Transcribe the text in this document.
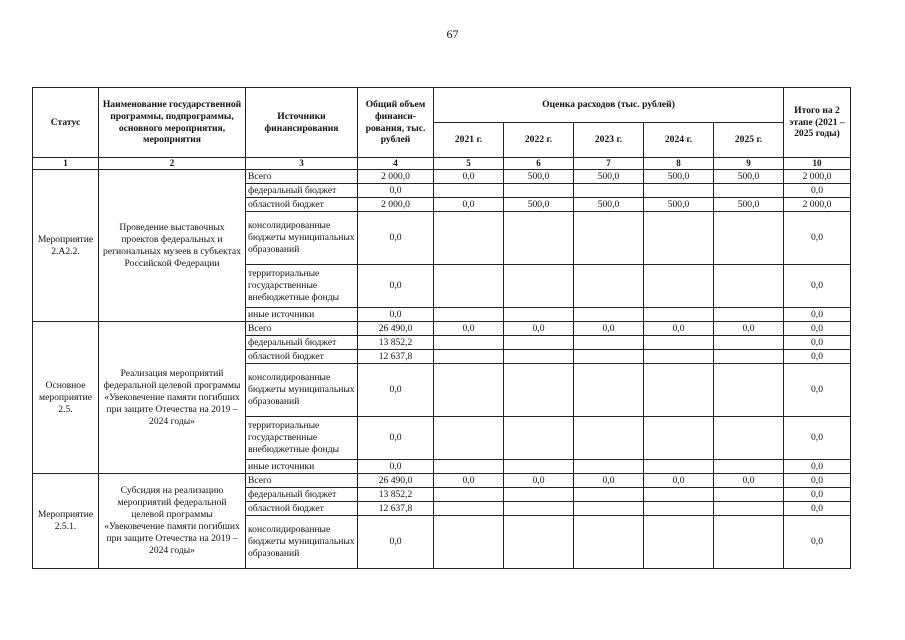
67
Статус	Наименование государственной программы, подпрограммы, основного мероприятия, мероприятия	Источники финансирования	Общий объем финанси-рования, тыс. рублей	Оценка расходов (тыс. рублей)					Итого на 2 этапе (2021 – 2025 годы)
				2021 г.	2022 г.	2023 г.	2024 г.	2025 г.	
1	2	3	4	5	6	7	8	9	10
Мероприятие 2.А2.2.	Проведение выставочных проектов федеральных и региональных музеев в субъектах Российской Федерации	Всего	2 000,0	0,0	500,0	500,0	500,0	500,0	2 000,0
		федеральный бюджет	0,0						0,0
		областной бюджет	2 000,0	0,0	500,0	500,0	500,0	500,0	2 000,0
		консолидированные бюджеты муниципальных образований	0,0						0,0
		территориальные государственные внебюджетные фонды	0,0						0,0
		иные источники	0,0						0,0
Основное мероприятие 2.5.	Реализация мероприятий федеральной целевой программы «Увековечение памяти погибших при защите Отечества на 2019 – 2024 годы»	Всего	26 490,0	0,0	0,0	0,0	0,0	0,0	0,0
		федеральный бюджет	13 852,2						0,0
		областной бюджет	12 637,8						0,0
		консолидированные бюджеты муниципальных образований	0,0						0,0
		территориальные государственные внебюджетные фонды	0,0						0,0
		иные источники	0,0						0,0
Мероприятие 2.5.1.	Субсидия на реализацию мероприятий федеральной целевой программы «Увековечение памяти погибших при защите Отечества на 2019 – 2024 годы»	Всего	26 490,0	0,0	0,0	0,0	0,0	0,0	0,0
		федеральный бюджет	13 852,2						0,0
		областной бюджет	12 637,8						0,0
		консолидированные бюджеты муниципальных образований	0,0						0,0
